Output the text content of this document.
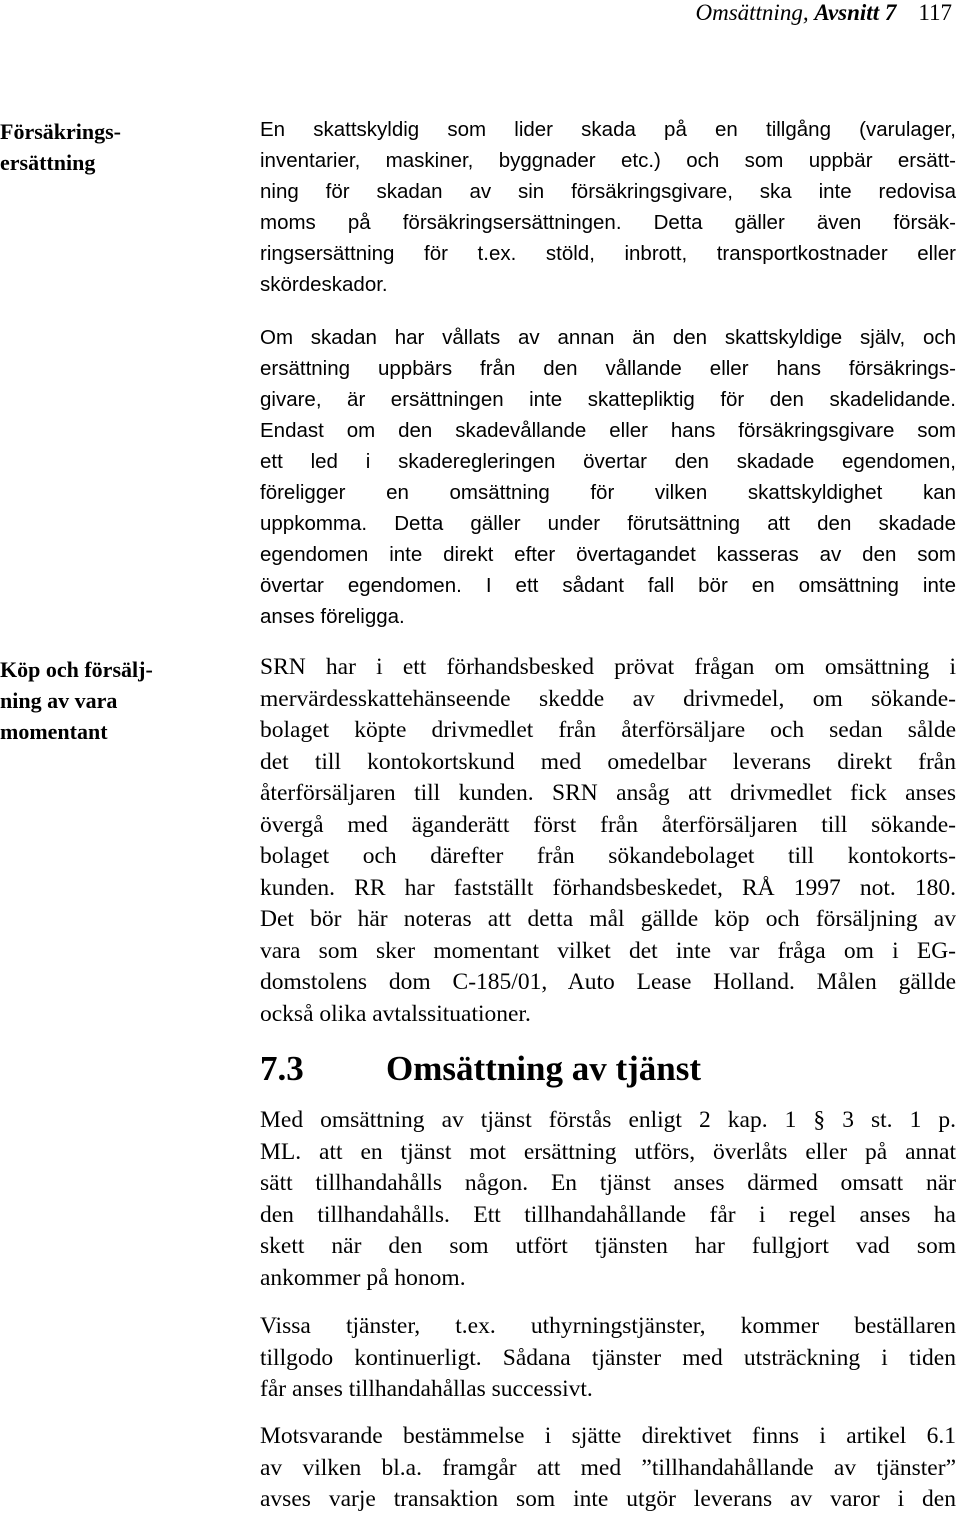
Omsättning, Avsnitt 7 117
Försäkrings-
ersättning
Köp och försälj-
ning av vara
momentant
En skattskyldig som lider skada på en tillgång (varulager,
inventarier, maskiner, byggnader etc.) och som uppbär ersätt-
ning för skadan av sin försäkringsgivare, ska inte redovisa
moms på försäkringsersättningen. Detta gäller även försäk-
ringsersättning för t.ex. stöld, inbrott, transportkostnader eller
skördeskador.
Om skadan har vållats av annan än den skattskyldige själv, och
ersättning uppbärs från den vållande eller hans försäkrings-
givare, är ersättningen inte skattepliktig för den skadelidande.
Endast om den skadevållande eller hans försäkringsgivare som
ett led i skaderegleringen övertar den skadade egendomen,
föreligger en omsättning för vilken skattskyldighet kan
uppkomma. Detta gäller under förutsättning att den skadade
egendomen inte direkt efter övertagandet kasseras av den som
övertar egendomen. I ett sådant fall bör en omsättning inte
anses föreligga.
SRN har i ett förhandsbesked prövat frågan om omsättning i
mervärdesskattehänseende skedde av drivmedel, om sökande-
bolaget köpte drivmedlet från återförsäljare och sedan sålde
det till kontokortskund med omedelbar leverans direkt från
återförsäljaren till kunden. SRN ansåg att drivmedlet fick anses
övergå med äganderätt först från återförsäljaren till sökande-
bolaget och därefter från sökandebolaget till kontokorts-
kunden. RR har fastställt förhandsbeskedet, RÅ 1997 not. 180.
Det bör här noteras att detta mål gällde köp och försäljning av
vara som sker momentant vilket det inte var fråga om i EG-
domstolens dom C-185/01, Auto Lease Holland. Målen gällde
också olika avtalssituationer.
7.3 Omsättning av tjänst
Med omsättning av tjänst förstås enligt 2 kap. 1 § 3 st. 1 p.
ML. att en tjänst mot ersättning utförs, överlåts eller på annat
sätt tillhandahålls någon. En tjänst anses därmed omsatt när
den tillhandahålls. Ett tillhandahållande får i regel anses ha
skett när den som utfört tjänsten har fullgjort vad som
ankommer på honom.
Vissa tjänster, t.ex. uthyrningstjänster, kommer beställaren
tillgodo kontinuerligt. Sådana tjänster med utsträckning i tiden
får anses tillhandahållas successivt.
Motsvarande bestämmelse i sjätte direktivet finns i artikel 6.1
av vilken bl.a. framgår att med ”tillhandahållande av tjänster”
avses varje transaktion som inte utgör leverans av varor i den
